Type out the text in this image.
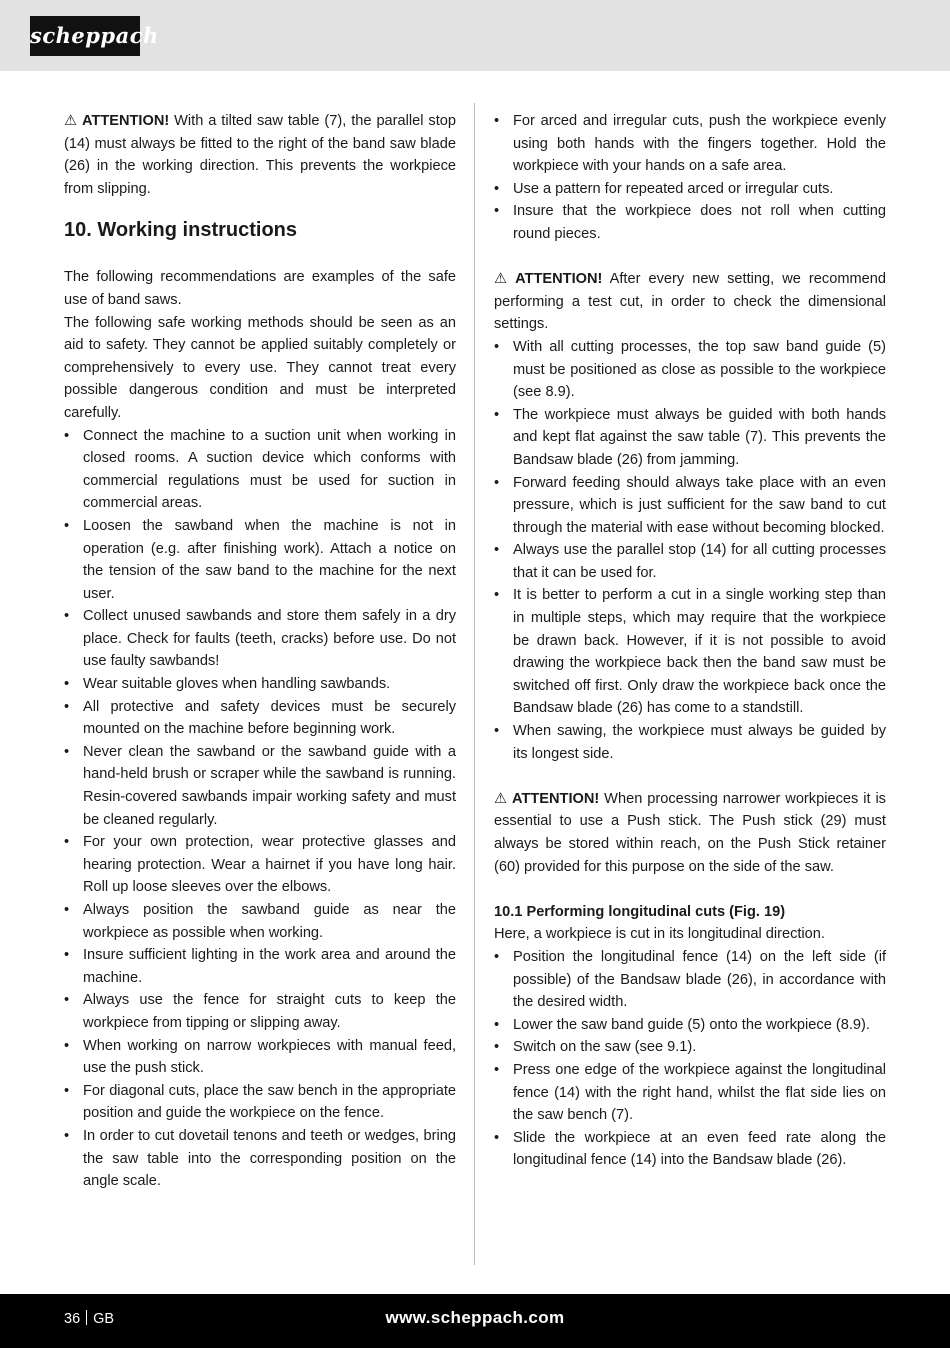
scheppach

⚠ ATTENTION! With a tilted saw table (7), the parallel stop (14) must always be fitted to the right of the band saw blade (26) in the working direction. This prevents the workpiece from slipping.

10. Working instructions

The following recommendations are examples of the safe use of band saws.

The following safe working methods should be seen as an aid to safety. They cannot be applied suitably completely or comprehensively to every use. They cannot treat every possible dangerous condition and must be interpreted carefully.

• Connect the machine to a suction unit when working in closed rooms. A suction device which conforms with commercial regulations must be used for suction in commercial areas.
• Loosen the sawband when the machine is not in operation (e.g. after finishing work). Attach a notice on the tension of the saw band to the machine for the next user.
• Collect unused sawbands and store them safely in a dry place. Check for faults (teeth, cracks) before use. Do not use faulty sawbands!
• Wear suitable gloves when handling sawbands.
• All protective and safety devices must be securely mounted on the machine before beginning work.
• Never clean the sawband or the sawband guide with a hand-held brush or scraper while the sawband is running. Resin-covered sawbands impair working safety and must be cleaned regularly.
• For your own protection, wear protective glasses and hearing protection. Wear a hairnet if you have long hair. Roll up loose sleeves over the elbows.
• Always position the sawband guide as near the workpiece as possible when working.
• Insure sufficient lighting in the work area and around the machine.
• Always use the fence for straight cuts to keep the workpiece from tipping or slipping away.
• When working on narrow workpieces with manual feed, use the push stick.
• For diagonal cuts, place the saw bench in the appropriate position and guide the workpiece on the fence.
• In order to cut dovetail tenons and teeth or wedges, bring the saw table into the corresponding position on the angle scale.
• For arced and irregular cuts, push the workpiece evenly using both hands with the fingers together. Hold the workpiece with your hands on a safe area.
• Use a pattern for repeated arced or irregular cuts.
• Insure that the workpiece does not roll when cutting round pieces.

⚠ ATTENTION! After every new setting, we recommend performing a test cut, in order to check the dimensional settings.

• With all cutting processes, the top saw band guide (5) must be positioned as close as possible to the workpiece (see 8.9).
• The workpiece must always be guided with both hands and kept flat against the saw table (7). This prevents the Bandsaw blade (26) from jamming.
• Forward feeding should always take place with an even pressure, which is just sufficient for the saw band to cut through the material with ease without becoming blocked.
• Always use the parallel stop (14) for all cutting processes that it can be used for.
• It is better to perform a cut in a single working step than in multiple steps, which may require that the workpiece be drawn back. However, if it is not possible to avoid drawing the workpiece back then the band saw must be switched off first. Only draw the workpiece back once the Bandsaw blade (26) has come to a standstill.
• When sawing, the workpiece must always be guided by its longest side.

⚠ ATTENTION! When processing narrower workpieces it is essential to use a Push stick. The Push stick (29) must always be stored within reach, on the Push Stick retainer (60) provided for this purpose on the side of the saw.

10.1 Performing longitudinal cuts (Fig. 19)

Here, a workpiece is cut in its longitudinal direction.

• Position the longitudinal fence (14) on the left side (if possible) of the Bandsaw blade (26), in accordance with the desired width.
• Lower the saw band guide (5) onto the workpiece (8.9).
• Switch on the saw (see 9.1).
• Press one edge of the workpiece against the longitudinal fence (14) with the right hand, whilst the flat side lies on the saw bench (7).
• Slide the workpiece at an even feed rate along the longitudinal fence (14) into the Bandsaw blade (26).
36 GB	www.scheppach.com
